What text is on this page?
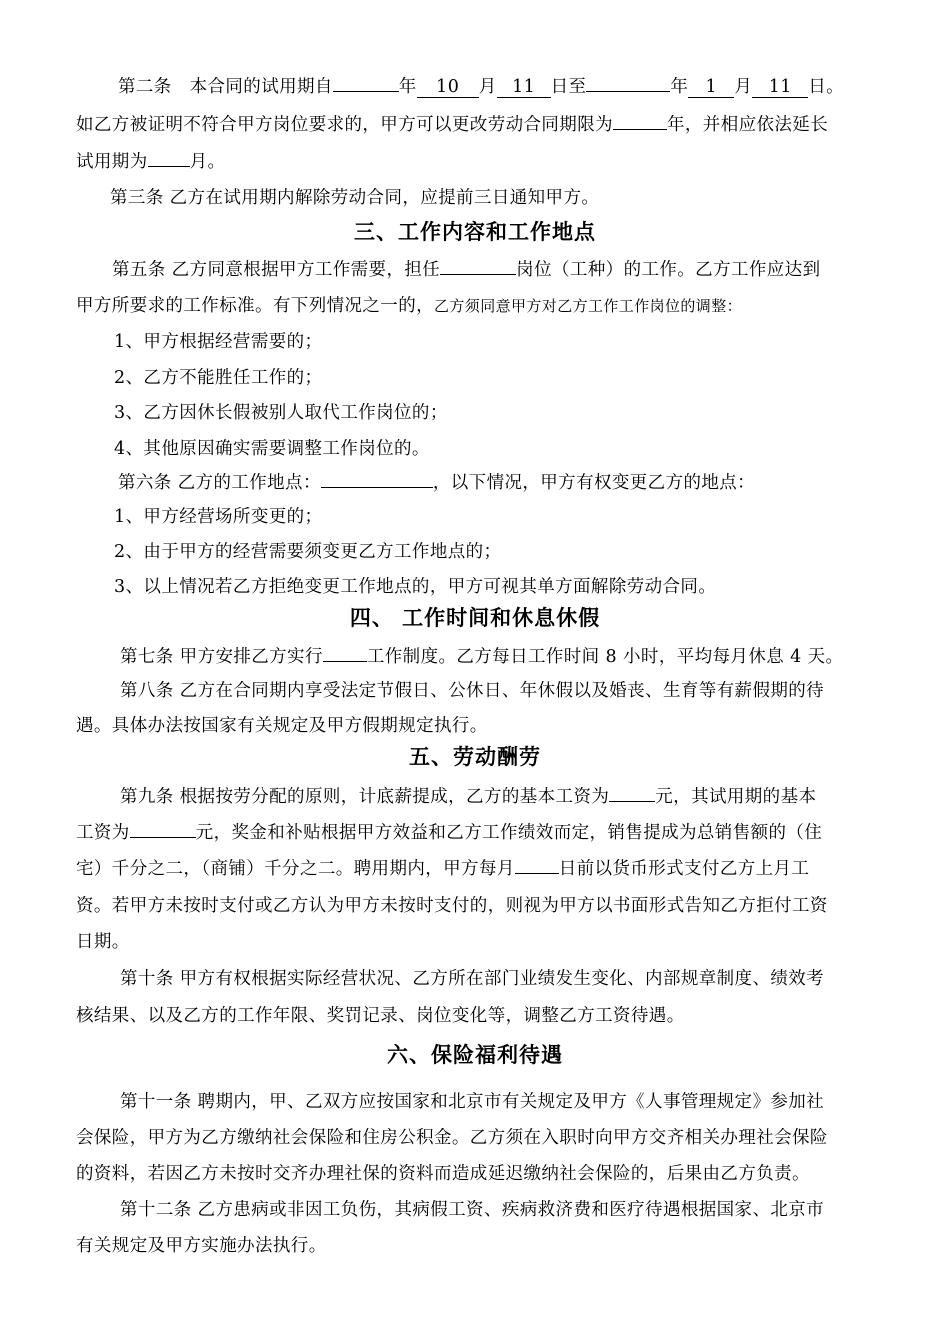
第二条 本合同的试用期自	年 10 月 11 日至	年 1 月 11 日。
如乙方被证明不符合甲方岗位要求的，甲方可以更改劳动合同期限为	年，并相应依法延长
试用期为 月。
第三条 乙方在试用期内解除劳动合同，应提前三日通知甲方。
三、工作内容和工作地点
第五条 乙方同意根据甲方工作需要，担任	岗位（工种）的工作。乙方工作应达到
甲方所要求的工作标准。有下列情况之一的，乙方须同意甲方对乙方工作工作岗位的调整：
1、甲方根据经营需要的；
2、乙方不能胜任工作的；
3、乙方因休长假被别人取代工作岗位的；
4、其他原因确实需要调整工作岗位的。
第六条 乙方的工作地点：	，以下情况，甲方有权变更乙方的地点：
1、甲方经营场所变更的；
2、由于甲方的经营需要须变更乙方工作地点的；
3、以上情况若乙方拒绝变更工作地点的，甲方可视其单方面解除劳动合同。
四、 工作时间和休息休假
第七条 甲方安排乙方实行	工作制度。乙方每日工作时间 8 小时，平均每月休息 4 天。
第八条 乙方在合同期内享受法定节假日、公休日、年休假以及婚丧、生育等有薪假期的待
遇。具体办法按国家有关规定及甲方假期规定执行。
五、劳动酬劳
第九条 根据按劳分配的原则，计底薪提成，乙方的基本工资为	元，其试用期的基本
工资为	元，奖金和补贴根据甲方效益和乙方工作绩效而定，销售提成为总销售额的（住
宅）千分之二，（商铺）千分之二。聘用期内，甲方每月	日前以货币形式支付乙方上月工
资。若甲方未按时支付或乙方认为甲方未按时支付的，则视为甲方以书面形式告知乙方拒付工资
日期。
第十条 甲方有权根据实际经营状况、乙方所在部门业绩发生变化、内部规章制度、绩效考
核结果、以及乙方的工作年限、奖罚记录、岗位变化等，调整乙方工资待遇。
六、保险福利待遇
第十一条 聘期内，甲、乙双方应按国家和北京市有关规定及甲方《人事管理规定》参加社
会保险，甲方为乙方缴纳社会保险和住房公积金。乙方须在入职时向甲方交齐相关办理社会保险
的资料，若因乙方未按时交齐办理社保的资料而造成延迟缴纳社会保险的，后果由乙方负责。
第十二条 乙方患病或非因工负伤，其病假工资、疾病救济费和医疗待遇根据国家、北京市
有关规定及甲方实施办法执行。
